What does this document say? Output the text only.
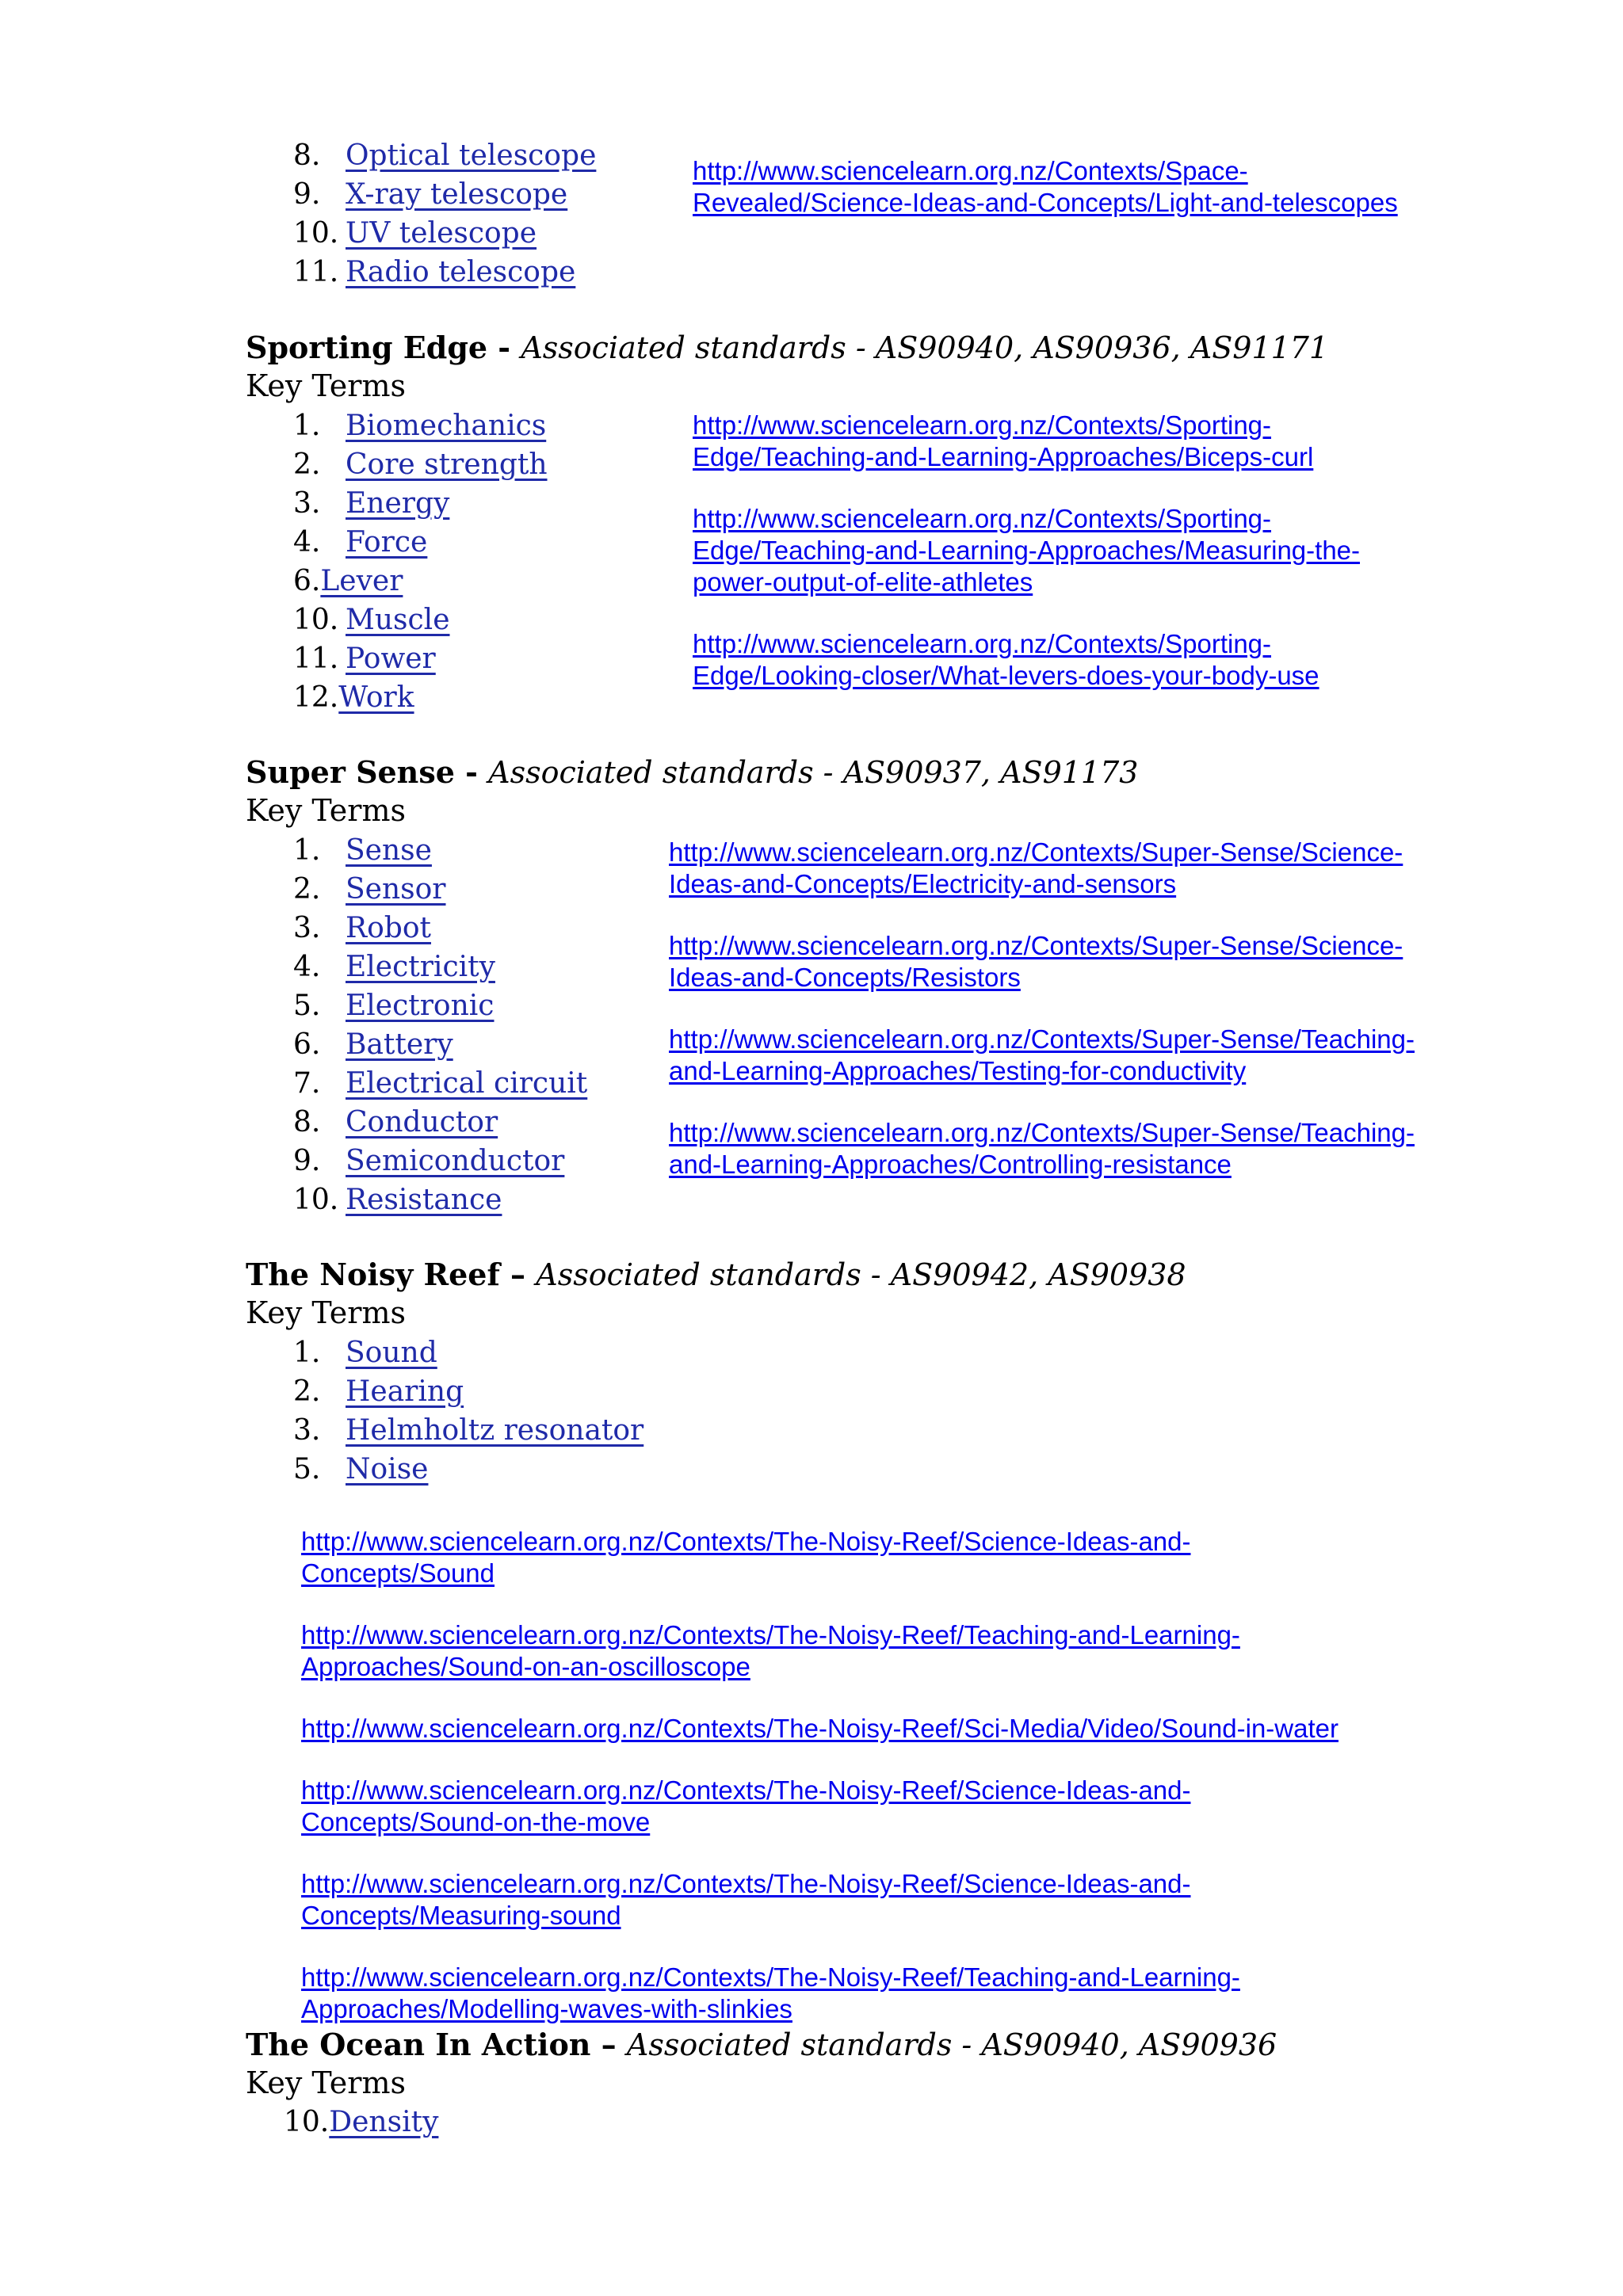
8. Optical telescope
9. X-ray telescope
10. UV telescope
11. Radio telescope
http://www.sciencelearn.org.nz/Contexts/Space-
Revealed/Science-Ideas-and-Concepts/Light-and-telescopes
Sporting Edge - Associated standards - AS90940, AS90936, AS91171
Key Terms
1. Biomechanics
2. Core strength
3. Energy
4. Force
6.Lever
10. Muscle
11. Power
12.Work
http://www.sciencelearn.org.nz/Contexts/Sporting-
Edge/Teaching-and-Learning-Approaches/Biceps-curl
http://www.sciencelearn.org.nz/Contexts/Sporting-
Edge/Teaching-and-Learning-Approaches/Measuring-the-
power-output-of-elite-athletes
http://www.sciencelearn.org.nz/Contexts/Sporting-
Edge/Looking-closer/What-levers-does-your-body-use
Super Sense - Associated standards - AS90937, AS91173
Key Terms
1. Sense
2. Sensor
3. Robot
4. Electricity
5. Electronic
6. Battery
7. Electrical circuit
8. Conductor
9. Semiconductor
10. Resistance
http://www.sciencelearn.org.nz/Contexts/Super-Sense/Science-
Ideas-and-Concepts/Electricity-and-sensors
http://www.sciencelearn.org.nz/Contexts/Super-Sense/Science-
Ideas-and-Concepts/Resistors
http://www.sciencelearn.org.nz/Contexts/Super-Sense/Teaching-
and-Learning-Approaches/Testing-for-conductivity
http://www.sciencelearn.org.nz/Contexts/Super-Sense/Teaching-
and-Learning-Approaches/Controlling-resistance
The Noisy Reef – Associated standards - AS90942, AS90938
Key Terms
1. Sound
2. Hearing
3. Helmholtz resonator
5. Noise
http://www.sciencelearn.org.nz/Contexts/The-Noisy-Reef/Science-Ideas-and-
Concepts/Sound
http://www.sciencelearn.org.nz/Contexts/The-Noisy-Reef/Teaching-and-Learning-
Approaches/Sound-on-an-oscilloscope
http://www.sciencelearn.org.nz/Contexts/The-Noisy-Reef/Sci-Media/Video/Sound-in-water
http://www.sciencelearn.org.nz/Contexts/The-Noisy-Reef/Science-Ideas-and-
Concepts/Sound-on-the-move
http://www.sciencelearn.org.nz/Contexts/The-Noisy-Reef/Science-Ideas-and-
Concepts/Measuring-sound
http://www.sciencelearn.org.nz/Contexts/The-Noisy-Reef/Teaching-and-Learning-
Approaches/Modelling-waves-with-slinkies
The Ocean In Action – Associated standards - AS90940, AS90936
Key Terms
10.Density
